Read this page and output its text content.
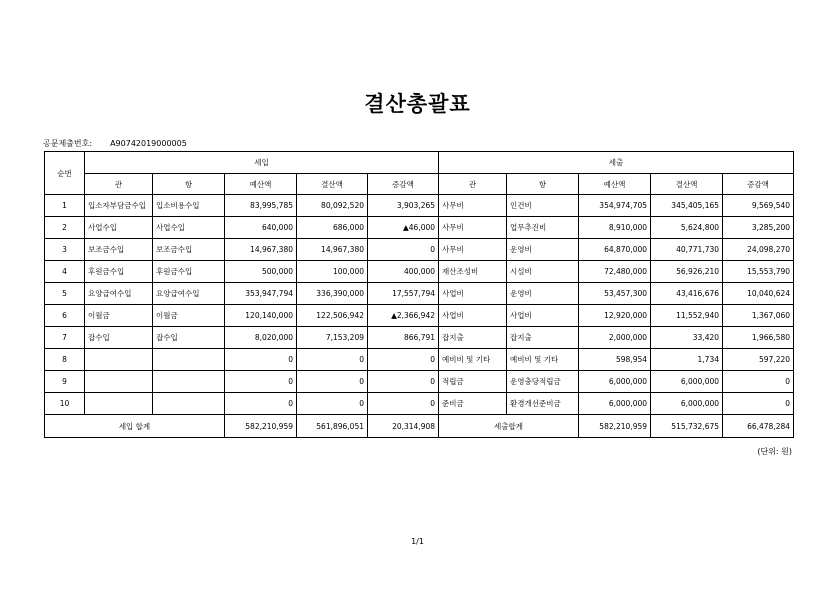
결산총괄표
공문제출번호: A90742019000005
순번	세입					세출				
	관	항	예산액	결산액	증감액	관	항	예산액	결산액	증감액
1	입소자부담금수입	입소비용수입	83,995,785	80,092,520	3,903,265	사무비	인건비	354,974,705	345,405,165	9,569,540
2	사업수입	사업수입	640,000	686,000	▲46,000	사무비	업무추진비	8,910,000	5,624,800	3,285,200
3	보조금수입	보조금수입	14,967,380	14,967,380	0	사무비	운영비	64,870,000	40,771,730	24,098,270
4	후원금수입	후원금수입	500,000	100,000	400,000	재산조성비	시설비	72,480,000	56,926,210	15,553,790
5	요양급여수입	요양급여수입	353,947,794	336,390,000	17,557,794	사업비	운영비	53,457,300	43,416,676	10,040,624
6	이월금	이월금	120,140,000	122,506,942	▲2,366,942	사업비	사업비	12,920,000	11,552,940	1,367,060
7	잡수입	잡수입	8,020,000	7,153,209	866,791	잡지출	잡지출	2,000,000	33,420	1,966,580
8			0	0	0	예비비 및 기타	예비비 및 기타	598,954	1,734	597,220
9			0	0	0	적립금	운영충당적립금	6,000,000	6,000,000	0
10			0	0	0	준비금	환경개선준비금	6,000,000	6,000,000	0
세입 합계			582,210,959	561,896,051	20,314,908	세출합계		582,210,959	515,732,675	66,478,284
(단위: 원)
1/1
